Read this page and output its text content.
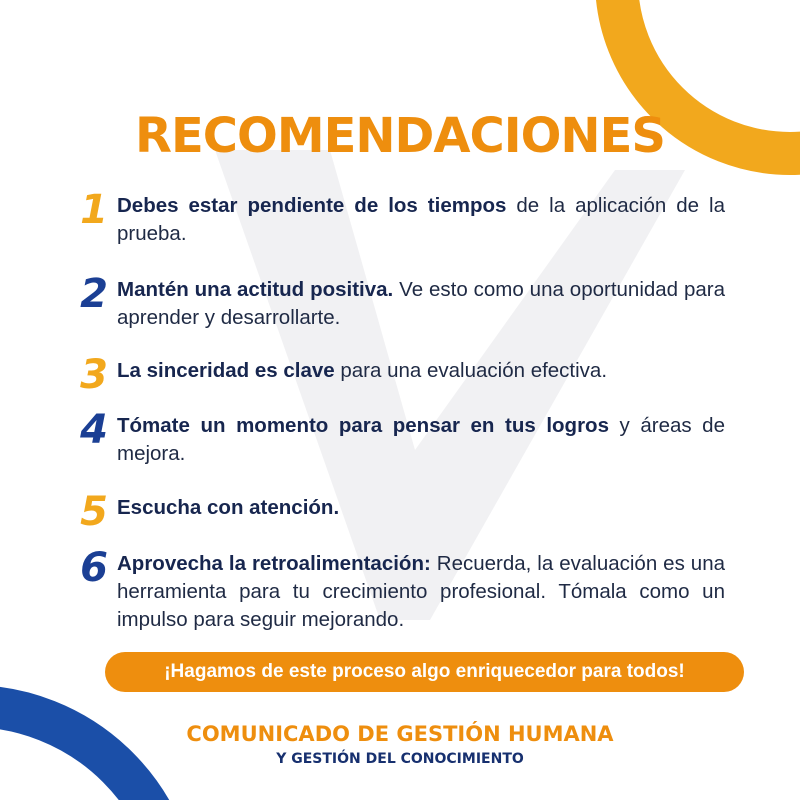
RECOMENDACIONES
1 Debes estar pendiente de los tiempos de la aplicación de la prueba.
2 Mantén una actitud positiva. Ve esto como una oportunidad para aprender y desarrollarte.
3 La sinceridad es clave para una evaluación efectiva.
4 Tómate un momento para pensar en tus logros y áreas de mejora.
5 Escucha con atención.
6 Aprovecha la retroalimentación: Recuerda, la evaluación es una herramienta para tu crecimiento profesional. Tómala como un impulso para seguir mejorando.
¡Hagamos de este proceso algo enriquecedor para todos!
COMUNICADO DE GESTIÓN HUMANA
Y GESTIÓN DEL CONOCIMIENTO
